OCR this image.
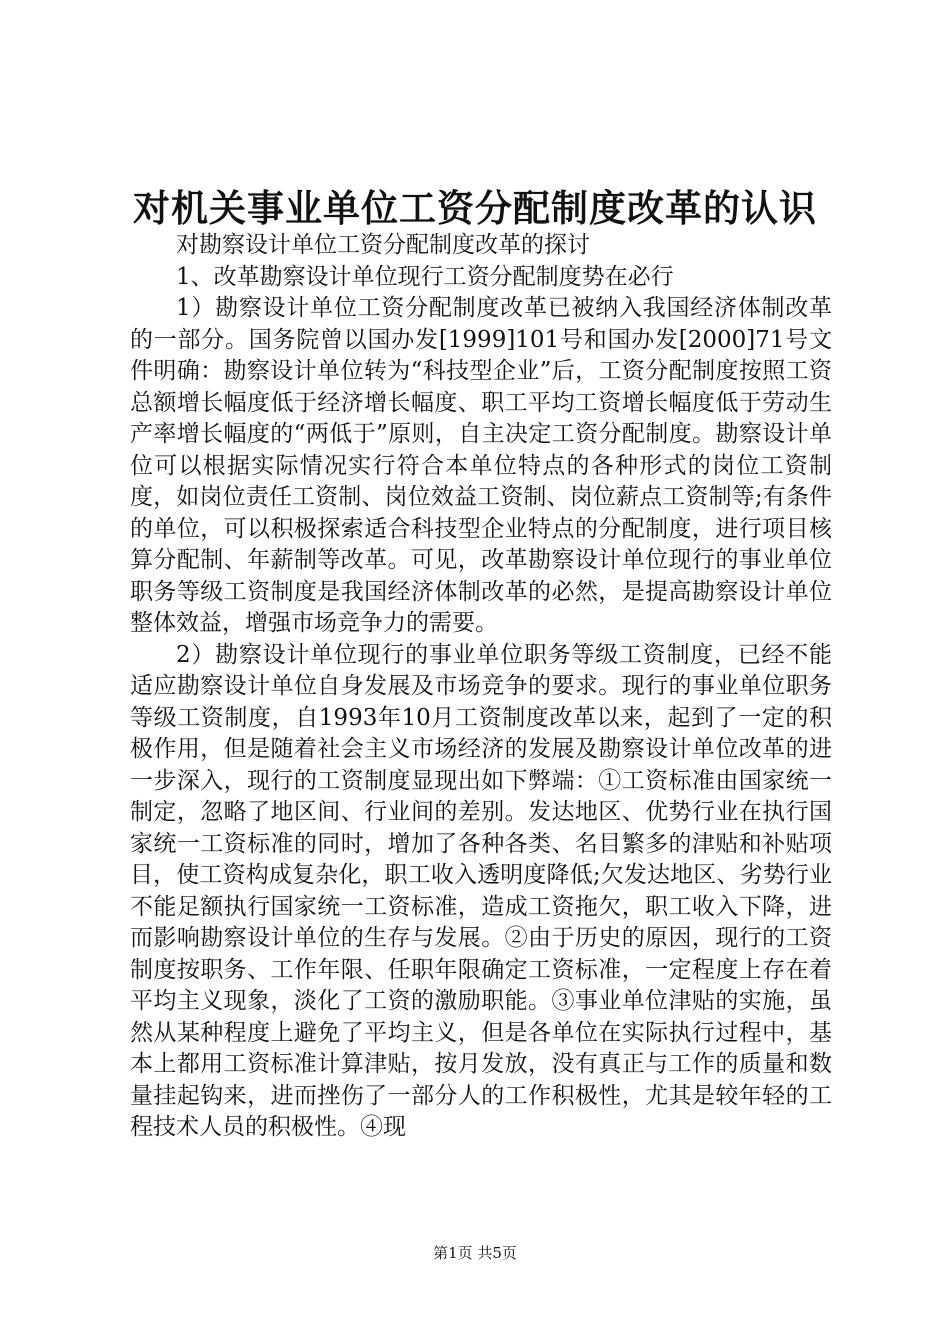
对机关事业单位工资分配制度改革的认识

对勘察设计单位工资分配制度改革的探讨

1、改革勘察设计单位现行工资分配制度势在必行

1）勘察设计单位工资分配制度改革已被纳入我国经济体制改革的一部分。国务院曾以国办发[1999]101号和国办发[2000]71号文件明确：勘察设计单位转为“科技型企业”后，工资分配制度按照工资总额增长幅度低于经济增长幅度、职工平均工资增长幅度低于劳动生产率增长幅度的“两低于”原则，自主决定工资分配制度。勘察设计单位可以根据实际情况实行符合本单位特点的各种形式的岗位工资制度，如岗位责任工资制、岗位效益工资制、岗位薪点工资制等;有条件的单位，可以积极探索适合科技型企业特点的分配制度，进行项目核算分配制、年薪制等改革。可见，改革勘察设计单位现行的事业单位职务等级工资制度是我国经济体制改革的必然，是提高勘察设计单位整体效益，增强市场竞争力的需要。

2）勘察设计单位现行的事业单位职务等级工资制度，已经不能适应勘察设计单位自身发展及市场竞争的要求。现行的事业单位职务等级工资制度，自1993年10月工资制度改革以来，起到了一定的积极作用，但是随着社会主义市场经济的发展及勘察设计单位改革的进一步深入，现行的工资制度显现出如下弊端：①工资标准由国家统一制定，忽略了地区间、行业间的差别。发达地区、优势行业在执行国家统一工资标准的同时，增加了各种各类、名目繁多的津贴和补贴项目，使工资构成复杂化，职工收入透明度降低;欠发达地区、劣势行业不能足额执行国家统一工资标准，造成工资拖欠，职工收入下降，进而影响勘察设计单位的生存与发展。②由于历史的原因，现行的工资制度按职务、工作年限、任职年限确定工资标准，一定程度上存在着平均主义现象，淡化了工资的激励职能。③事业单位津贴的实施，虽然从某种程度上避免了平均主义，但是各单位在实际执行过程中，基本上都用工资标准计算津贴，按月发放，没有真正与工作的质量和数量挂起钩来，进而挫伤了一部分人的工作积极性，尤其是较年轻的工程技术人员的积极性。④现

第1页 共5页
